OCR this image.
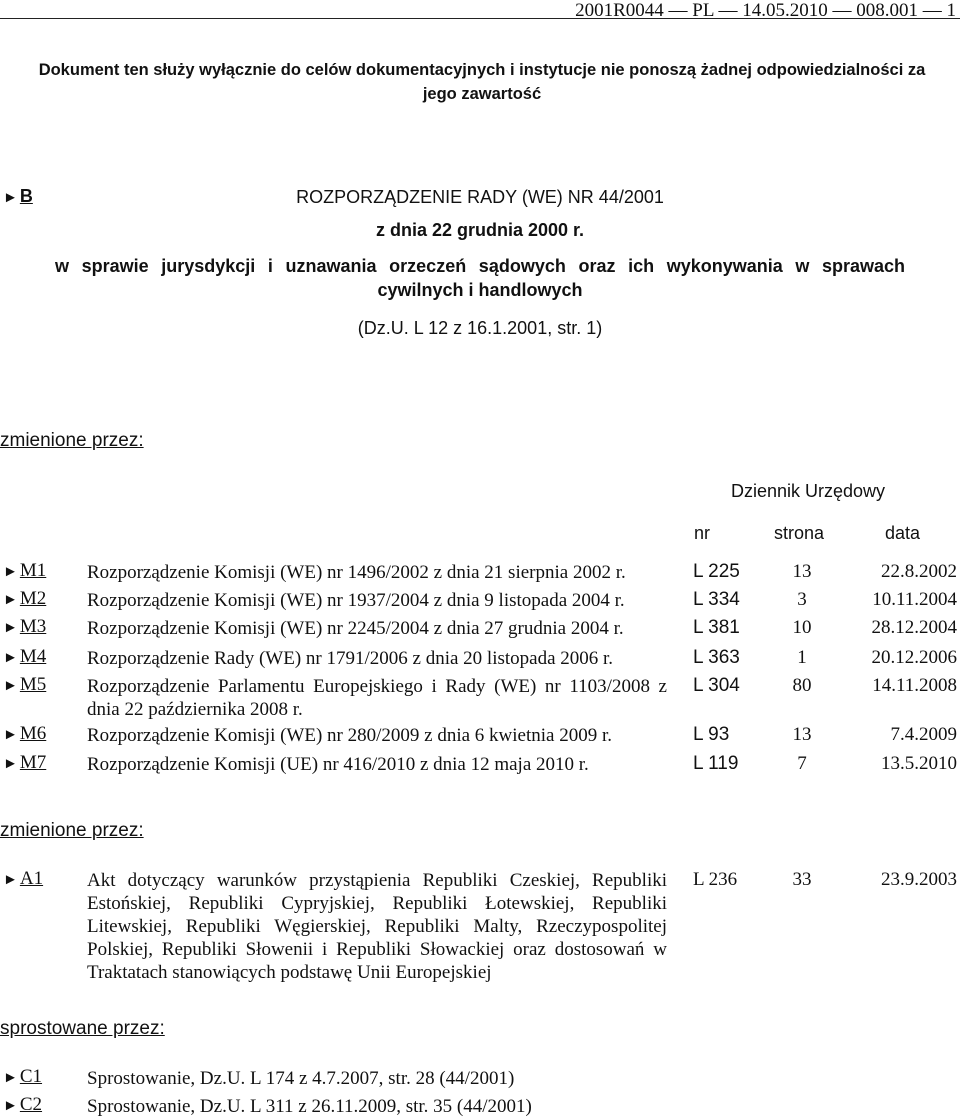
2001R0044 — PL — 14.05.2010 — 008.001 — 1
Dokument ten służy wyłącznie do celów dokumentacyjnych i instytucje nie ponoszą żadnej odpowiedzialności za jego zawartość
► B	ROZPORZĄDZENIE RADY (WE) NR 44/2001
z dnia 22 grudnia 2000 r.
w sprawie jurysdykcji i uznawania orzeczeń sądowych oraz ich wykonywania w sprawach
cywilnych i handlowych
(Dz.U. L 12 z 16.1.2001, str. 1)
zmienione przez:
Dziennik Urzędowy
nr	strona	data
► M1 Rozporządzenie Komisji (WE) nr 1496/2002 z dnia 21 sierpnia 2002 r.	L 225	13	22.8.2002
► M2 Rozporządzenie Komisji (WE) nr 1937/2004 z dnia 9 listopada 2004 r.	L 334	3	10.11.2004
► M3 Rozporządzenie Komisji (WE) nr 2245/2004 z dnia 27 grudnia 2004 r.	L 381	10	28.12.2004
► M4 Rozporządzenie Rady (WE) nr 1791/2006 z dnia 20 listopada 2006 r.	L 363	1	20.12.2006
► M5 Rozporządzenie Parlamentu Europejskiego i Rady (WE) nr 1103/2008 z dnia 22 października 2008 r.
L 304	80	14.11.2008
► M6 Rozporządzenie Komisji (WE) nr 280/2009 z dnia 6 kwietnia 2009 r.	L 93	13	7.4.2009
► M7 Rozporządzenie Komisji (UE) nr 416/2010 z dnia 12 maja 2010 r.	L 119	7	13.5.2010
zmienione przez:
► A1 Akt dotyczący warunków przystąpienia Republiki Czeskiej, Republiki Estońskiej, Republiki Cypryjskiej, Republiki Łotewskiej, Republiki Litewskiej, Republiki Węgierskiej, Republiki Malty, Rzeczypospolitej Polskiej, Republiki Słowenii i Republiki Słowackiej oraz dostosowań w Traktatach stanowiących podstawę Unii Europejskiej
L 236	33	23.9.2003
sprostowane przez:
► C1 Sprostowanie, Dz.U. L 174 z 4.7.2007, str. 28 (44/2001)
► C2 Sprostowanie, Dz.U. L 311 z 26.11.2009, str. 35 (44/2001)
